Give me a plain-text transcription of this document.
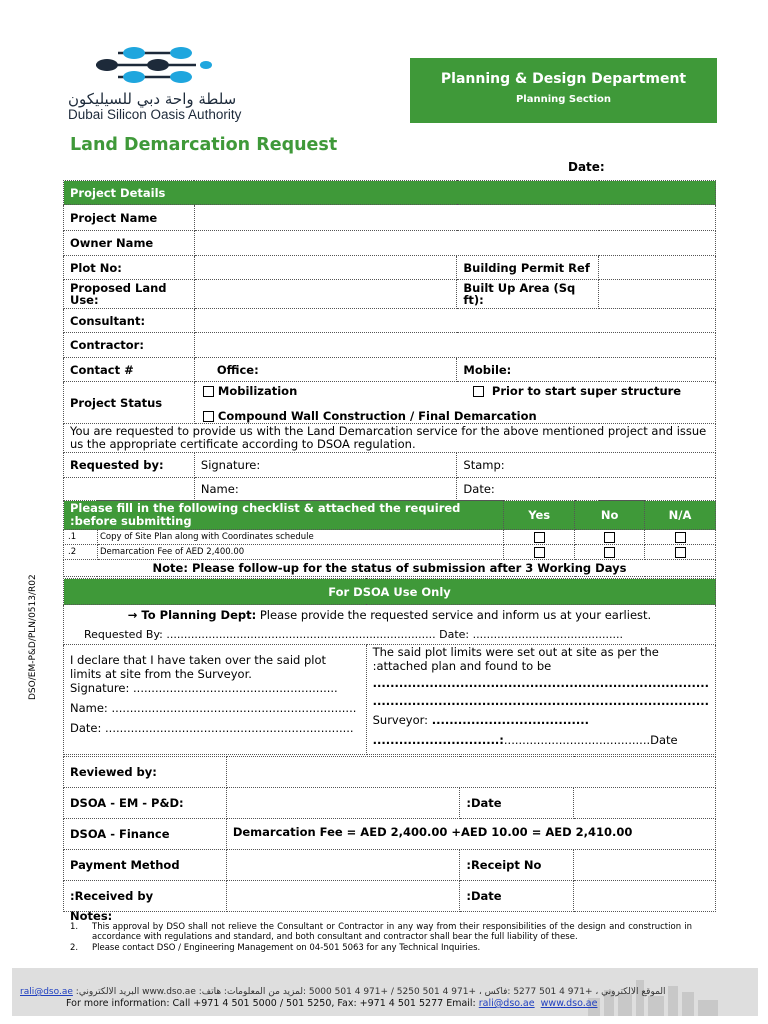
سلطة واحة دبي للسيليكون
Dubai Silicon Oasis Authority
Planning & Design Department
Planning Section
Land Demarcation Request
Date:
DSO/EM-P&D/PLN/0513/R02
Project Details			
Project Name			
Owner Name			
Plot No:		Building Permit Ref	
Proposed Land Use:		Built Up Area (Sq ft):	
Consultant:			
Contractor:			
Contact #	Office:	Mobile:	
Project Status	Mobilization Prior to start super structure
Compound Wall Construction / Final Demarcation		

You are requested to provide us with the Land Demarcation service for the above mentioned project and issue us the appropriate certificate according to DSOA regulation.			
Requested by:	Signature:	Stamp:	
	Name:	Date:	
Please fill in the following checklist & attached the required :before submitting		Yes	No	N/A
.1	Copy of Site Plan along with Coordinates schedule			
.2	Demarcation Fee of AED 2,400.00			
Note: Please follow-up for the status of submission after 3 Working Days				
For DSOA Use Only

→ To Planning Dept: Please provide the requested service and inform us at your earliest.
Requested By: ............................................................................. Date: ...........................................

I declare that I have taken over the said plot limits at site from the Surveyor.
Signature: ........................................................
Name: ...................................................................
Date: ....................................................................

The said plot limits were set out at site as per the :attached plan and found to be
.............................................................................
.............................................................................
Surveyor: ....................................
.............................:........................................Date
Reviewed by:			
DSOA - EM - P&D:		:Date	
DSOA - Finance	Demarcation Fee = AED 2,400.00 +AED 10.00 = AED 2,410.00		
Payment Method		:Receipt No	
:Received by		:Date	
Notes:
1.	This approval by DSO shall not relieve the Consultant or Contractor in any way from their responsibilities of the design and construction in accordance with regulations and standard, and both consultant and contractor shall bear the full liability of these.
2.	Please contact DSO / Engineering Management on 04-501 5063 for any Technical Inquiries.
rali@dso.ae :البريد الالكتروني www.dso.ae :الموقع الالكتروني ، +971 4 501 5277 :فاكس ، +971 4 501 5250 / +971 4 501 5000 :لمزيد من المعلومات: هاتف
For more information: Call +971 4 501 5000 / 501 5250, Fax: +971 4 501 5277 Email: rali@dso.ae www.dso.ae
